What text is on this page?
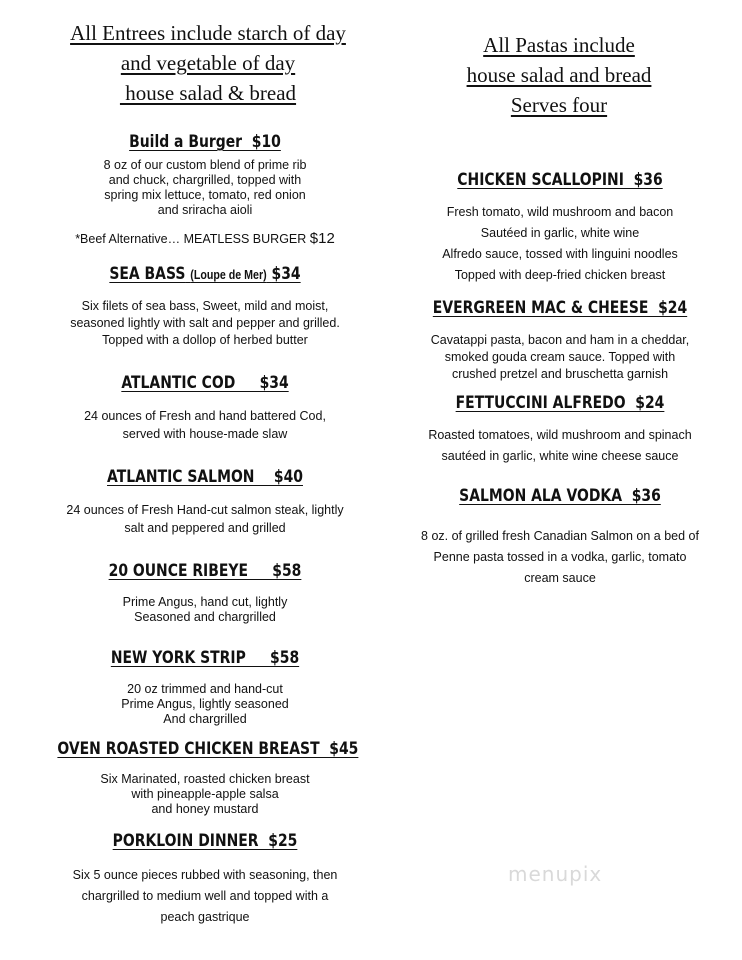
All Entrees include starch of day
and vegetable of day
house salad & bread
All Pastas include
house salad and bread
Serves four
Build a Burger  $10
8 oz of our custom blend of prime rib
and chuck, chargrilled, topped with
spring mix lettuce, tomato, red onion
and sriracha aioli
*Beef Alternative… MEATLESS BURGER $12
SEA BASS (Loupe de Mer) $34
Six filets of sea bass, Sweet, mild and moist,
seasoned lightly with salt and pepper and grilled.
Topped with a dollop of herbed butter
ATLANTIC COD     $34
24 ounces of Fresh and hand battered Cod,
served with house-made slaw
ATLANTIC SALMON    $40
24 ounces of Fresh Hand-cut salmon steak, lightly
salt and peppered and grilled
20 OUNCE RIBEYE     $58
Prime Angus, hand cut, lightly
Seasoned and chargrilled
NEW YORK STRIP     $58
20 oz trimmed and hand-cut
Prime Angus, lightly seasoned
And chargrilled
OVEN ROASTED CHICKEN BREAST  $45
Six Marinated, roasted chicken breast
with pineapple-apple salsa
and honey mustard
PORKLOIN DINNER  $25
Six 5 ounce pieces rubbed with seasoning, then
chargrilled to medium well and topped with a
peach gastrique
CHICKEN SCALLOPINI  $36
Fresh tomato, wild mushroom and bacon
Sautéed in garlic, white wine
Alfredo sauce, tossed with linguini noodles
Topped with deep-fried chicken breast
EVERGREEN MAC & CHEESE  $24
Cavatappi pasta, bacon and ham in a cheddar,
smoked gouda cream sauce. Topped with
crushed pretzel and bruschetta garnish
FETTUCCINI ALFREDO  $24
Roasted tomatoes, wild mushroom and spinach
sautéed in garlic, white wine cheese sauce
SALMON ALA VODKA  $36
8 oz. of grilled fresh Canadian Salmon on a bed of
Penne pasta tossed in a vodka, garlic, tomato
cream sauce
menupix
